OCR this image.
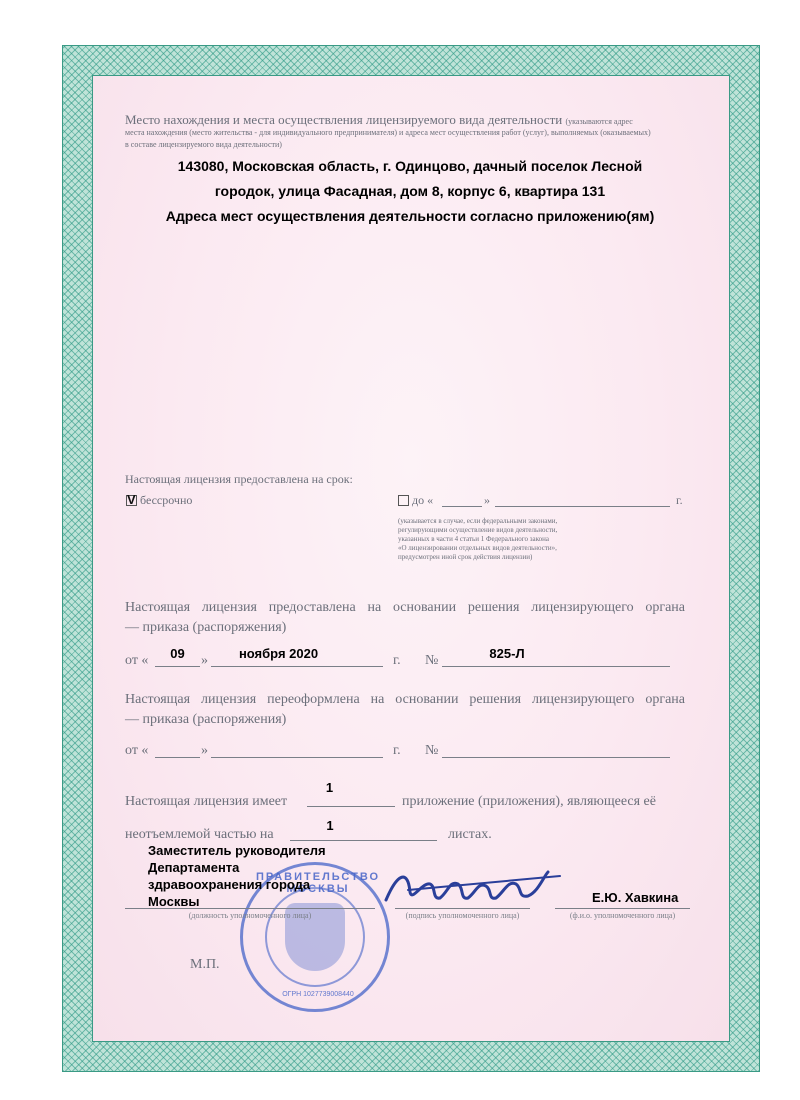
Место нахождения и места осуществления лицензируемого вида деятельности (указываются адрес
места нахождения (место жительства - для индивидуального предпринимателя) и адреса мест осуществления работ (услуг), выполняемых (оказываемых)
в составе лицензируемого вида деятельности)
143080, Московская область, г. Одинцово, дачный поселок Лесной
городок, улица Фасадная, дом 8, корпус 6, квартира 131
Адреса мест осуществления деятельности согласно приложению(ям)
Настоящая лицензия предоставлена на срок:
V бессрочно	до «	»	г.
(указывается в случае, если федеральными законами,
регулирующими осуществление видов деятельности,
указанных в части 4 статьи 1 Федерального закона
«О лицензировании отдельных видов деятельности»,
предусмотрен иной срок действия лицензии)
Настоящая лицензия предоставлена на основании решения лицензирующего органа
— приказа (распоряжения)
от «	09	»	ноября 2020	г. №	825-Л
Настоящая лицензия переоформлена на основании решения лицензирующего органа
— приказа (распоряжения)
от «	»	г. №
Настоящая лицензия имеет
1
приложение (приложения), являющееся её
неотъемлемой частью на
1
листах.
ПРАВИТЕЛЬСТВО МОСКВЫ
ОГРН 1027739008440
Заместитель руководителя
Департамента
здравоохранения города
Москвы	Е.Ю. Хавкина
(должность уполномоченного лица)	(подпись уполномоченного лица)	(ф.и.о. уполномоченного лица)
М.П.
